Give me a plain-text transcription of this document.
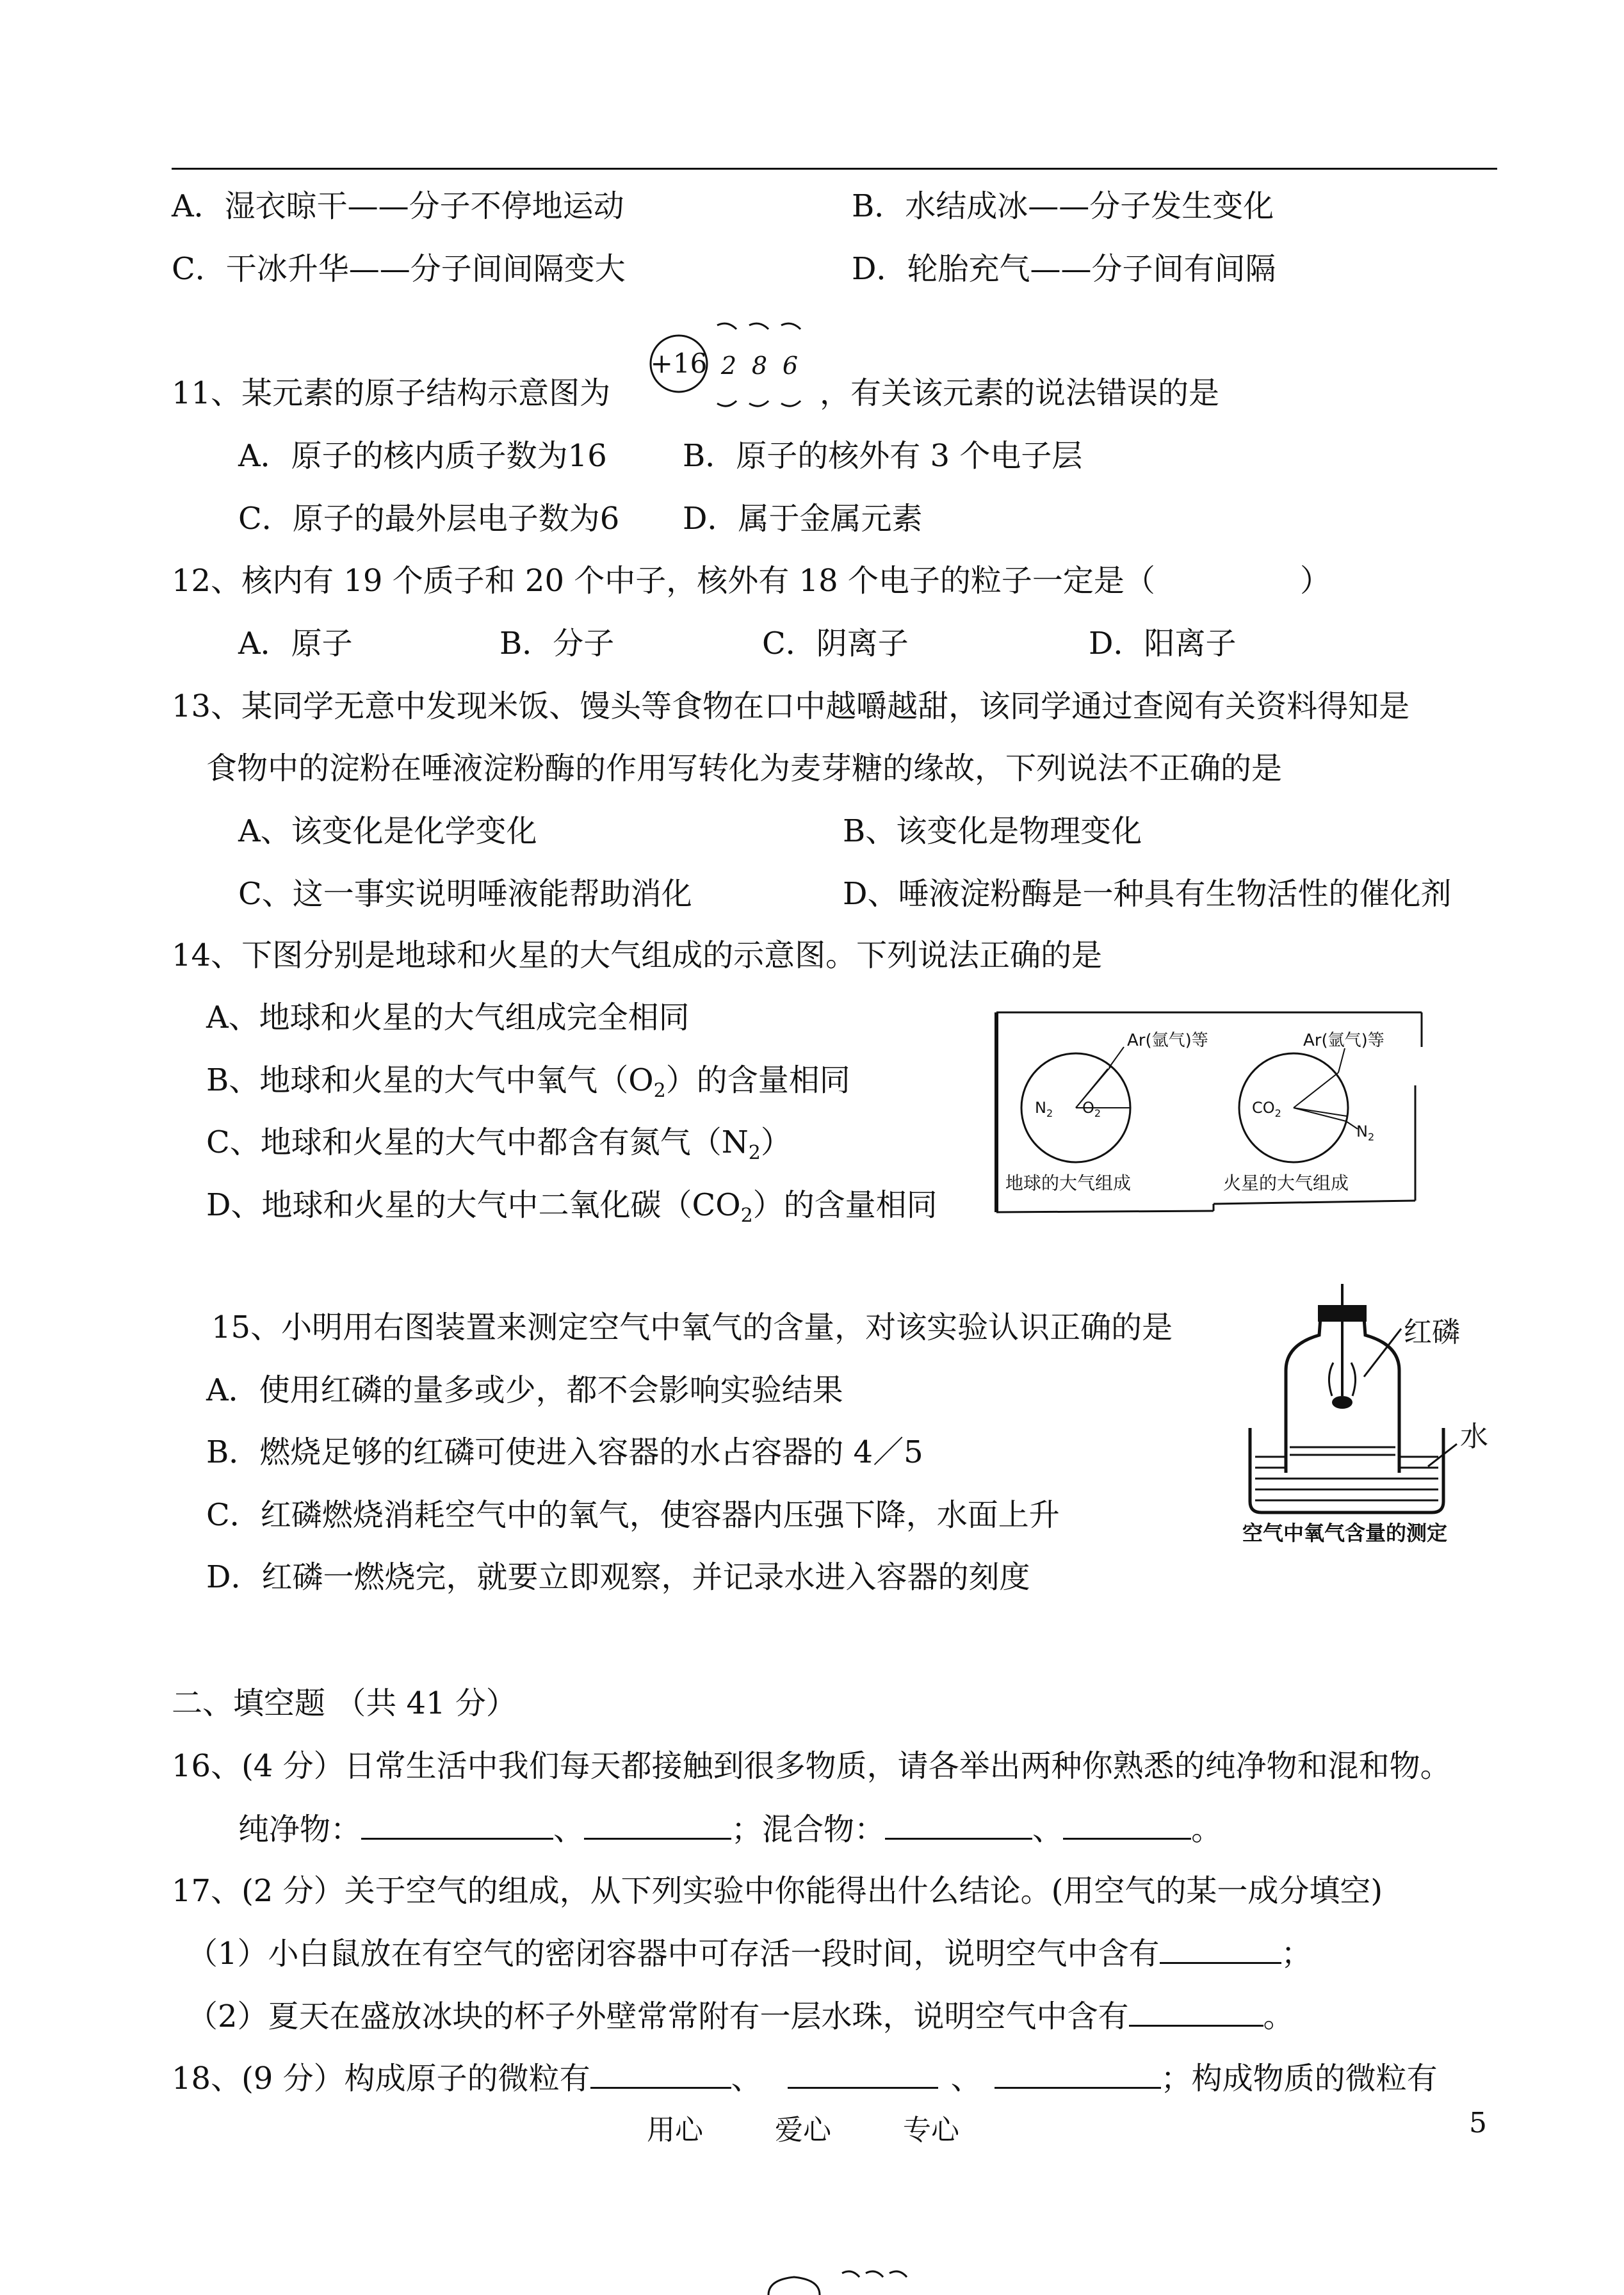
A．湿衣晾干——分子不停地运动	B．水结成冰——分子发生变化
C．干冰升华——分子间间隔变大	D．轮胎充气——分子间有间隔
11、某元素的原子结构示意图为
+16 2 8 6
，有关该元素的说法错误的是
A．原子的核内质子数为16 B．原子的核外有 3 个电子层
C．原子的最外层电子数为6 D．属于金属元素
12、核内有 19 个质子和 20 个中子，核外有 18 个电子的粒子一定是（	）
A．原子	B．分子	C．阴离子	D．阳离子
13、某同学无意中发现米饭、馒头等食物在口中越嚼越甜，该同学通过查阅有关资料得知是
食物中的淀粉在唾液淀粉酶的作用写转化为麦芽糖的缘故，下列说法不正确的是
A、该变化是化学变化	B、该变化是物理变化
C、这一事实说明唾液能帮助消化	D、唾液淀粉酶是一种具有生物活性的催化剂
14、下图分别是地球和火星的大气组成的示意图。下列说法正确的是
A、地球和火星的大气组成完全相同
B、地球和火星的大气中氧气$(O_2)$的含量相同
C、地球和火星的大气中都含有氮气$(N_2)$
D、地球和火星的大气中二氧化碳$(CO_2)$的含量相同
Ar(氩气)等
$N_2$ $O_2$
地球的大气组成
Ar(氩气)等
$CO_2$
$N_2$
火星的大气组成
15、小明用右图装置来测定空气中氧气的含量，对该实验认识正确的是
A．使用红磷的量多或少，都不会影响实验结果
B．燃烧足够的红磷可使进入容器的水占容器的 4／5
C．红磷燃烧消耗空气中的氧气，使容器内压强下降，水面上升
D．红磷一燃烧完，就要立即观察，并记录水进入容器的刻度
红磷
水
空气中氧气含量的测定
二、填空题 （共 41 分）
16、(4 分）日常生活中我们每天都接触到很多物质，请各举出两种你熟悉的纯净物和混和物。
纯净物：	、	；混合物：	、	。
17、(2 分）关于空气的组成，从下列实验中你能得出什么结论。(用空气的某一成分填空)
（1）小白鼠放在有空气的密闭容器中可存活一段时间，说明空气中含有	；
（2）夏天在盛放冰块的杯子外壁常常附有一层水珠，说明空气中含有	。
18、(9 分）构成原子的微粒有	、	、	；构成物质的微粒有
用心	爱心	专心	5
